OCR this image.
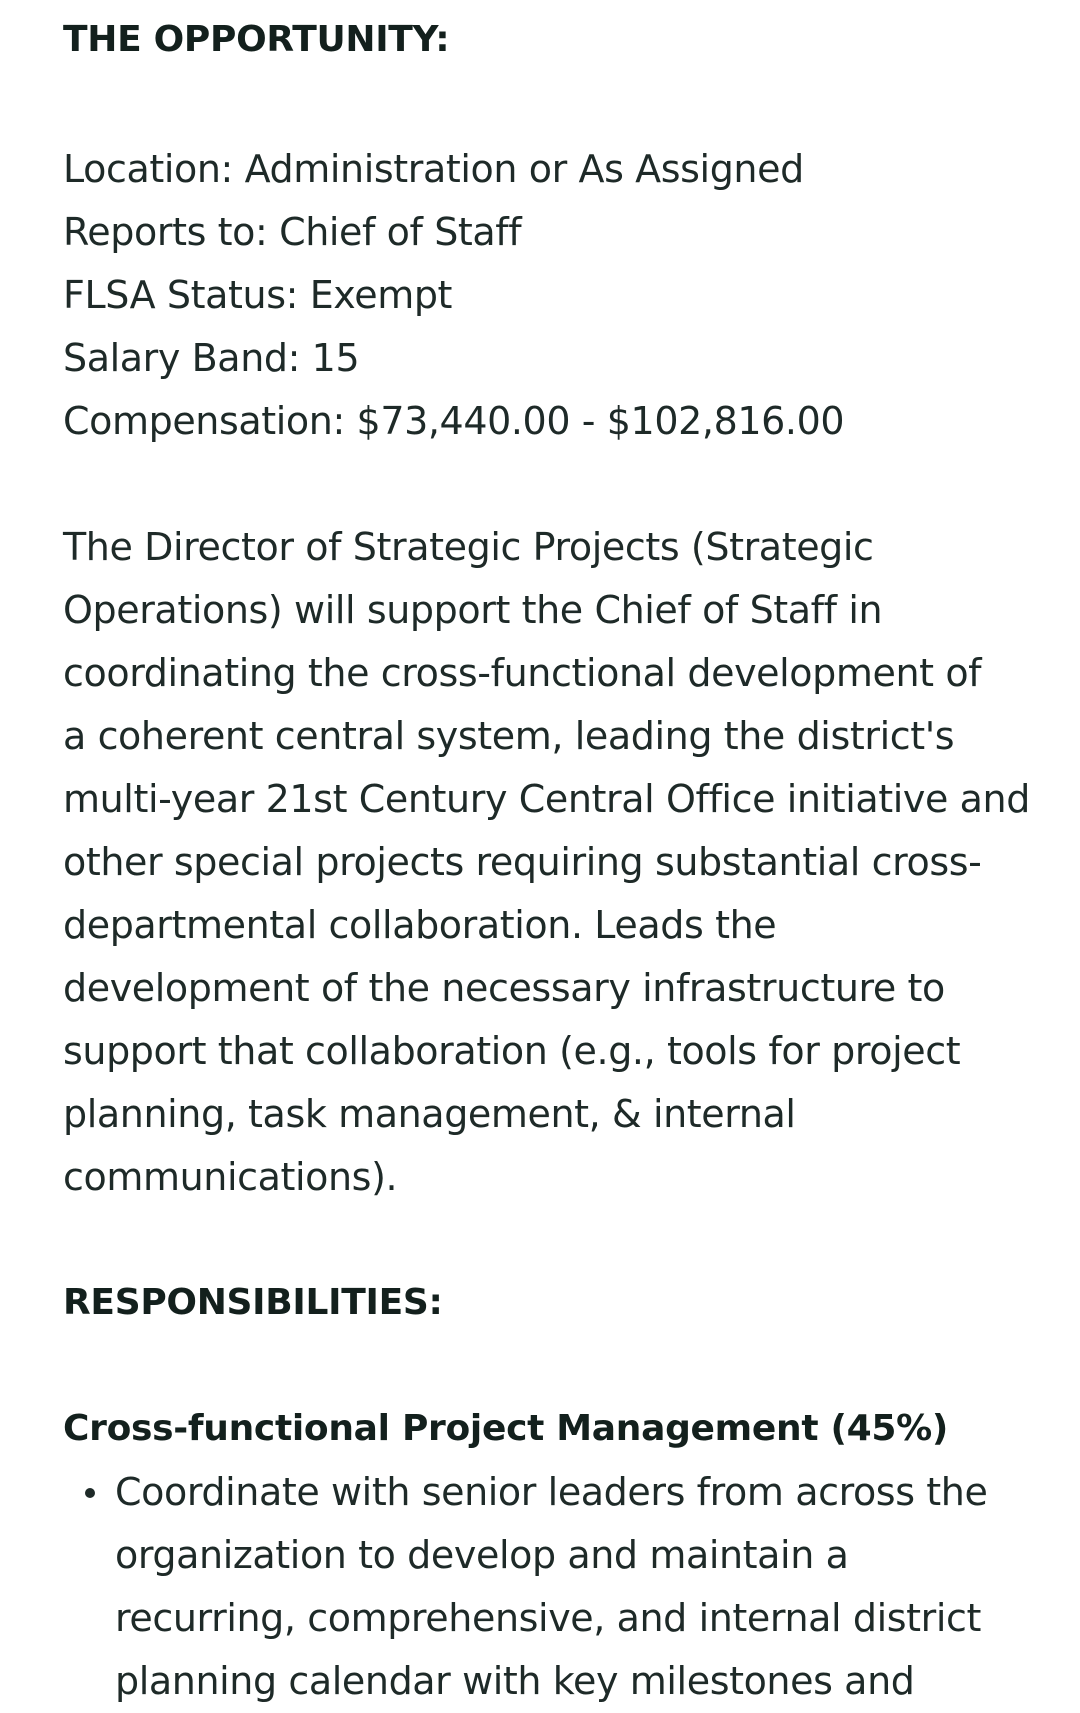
THE OPPORTUNITY:
Location: Administration or As Assigned
Reports to: Chief of Staff
FLSA Status: Exempt
Salary Band: 15
Compensation: $73,440.00 - $102,816.00
The Director of Strategic Projects (Strategic
Operations) will support the Chief of Staff in
coordinating the cross-functional development of
a coherent central system, leading the district's
multi-year 21st Century Central Office initiative and
other special projects requiring substantial cross-
departmental collaboration. Leads the
development of the necessary infrastructure to
support that collaboration (e.g., tools for project
planning, task management, & internal
communications).
RESPONSIBILITIES:
Cross-functional Project Management (45%)
Coordinate with senior leaders from across the
organization to develop and maintain a
recurring, comprehensive, and internal district
planning calendar with key milestones and
